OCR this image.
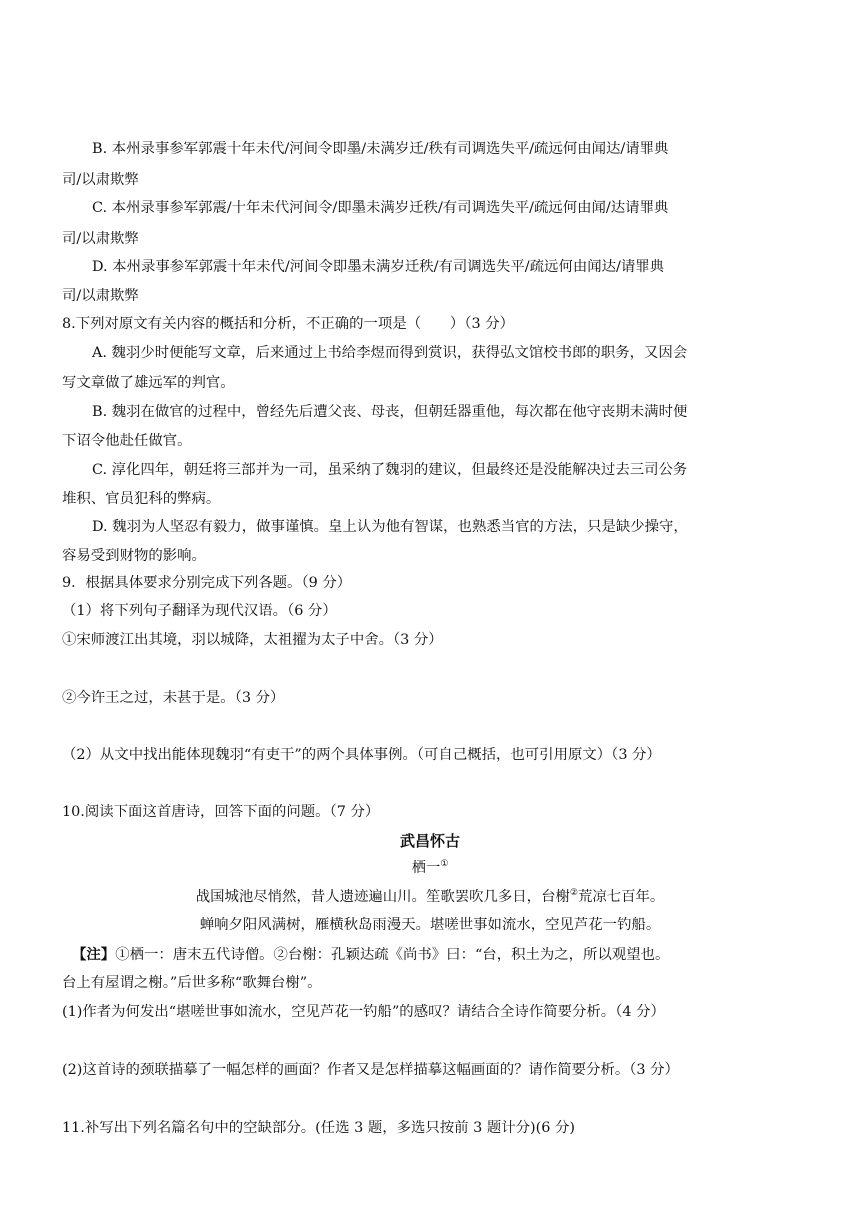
B. 本州录事参军郭震十年未代/河间令即墨/未满岁迁/秩有司调选失平/疏远何由闻达/请罪典
司/以肃欺弊
C. 本州录事参军郭震/十年未代河间令/即墨未满岁迁秩/有司调选失平/疏远何由闻/达请罪典
司/以肃欺弊
D. 本州录事参军郭震十年未代/河间令即墨未满岁迁秩/有司调选失平/疏远何由闻达/请罪典
司/以肃欺弊
8.下列对原文有关内容的概括和分析，不正确的一项是（　　）（3 分）
A. 魏羽少时便能写文章，后来通过上书给李煜而得到赏识，获得弘文馆校书郎的职务，又因会
写文章做了雄远军的判官。
B. 魏羽在做官的过程中，曾经先后遭父丧、母丧，但朝廷器重他，每次都在他守丧期未满时便
下诏令他赴任做官。
C. 淳化四年，朝廷将三部并为一司，虽采纳了魏羽的建议，但最终还是没能解决过去三司公务
堆积、官员犯科的弊病。
D. 魏羽为人坚忍有毅力，做事谨慎。皇上认为他有智谋，也熟悉当官的方法，只是缺少操守，
容易受到财物的影响。
9．根据具体要求分别完成下列各题。（9 分）
（1）将下列句子翻译为现代汉语。（6 分）
①宋师渡江出其境，羽以城降，太祖擢为太子中舍。（3 分）
②今许王之过，未甚于是。（3 分）
（2）从文中找出能体现魏羽“有吏干”的两个具体事例。（可自己概括，也可引用原文）（3 分）
10.阅读下面这首唐诗，回答下面的问题。（7 分）
武昌怀古
栖一①
战国城池尽悄然，昔人遗迹遍山川。笙歌罢吹几多日，台榭②荒凉七百年。
蝉响夕阳风满树，雁横秋岛雨漫天。堪嗟世事如流水，空见芦花一钓船。
【注】①栖一：唐末五代诗僧。②台榭：孔颖达疏《尚书》曰：“台，积土为之，所以观望也。
台上有屋谓之榭。”后世多称“歌舞台榭”。
(1)作者为何发出“堪嗟世事如流水，空见芦花一钓船”的感叹？请结合全诗作简要分析。（4 分）
(2)这首诗的颈联描摹了一幅怎样的画面？作者又是怎样描摹这幅画面的？请作简要分析。（3 分）
11.补写出下列名篇名句中的空缺部分。(任选 3 题，多选只按前 3 题计分)(6 分)
